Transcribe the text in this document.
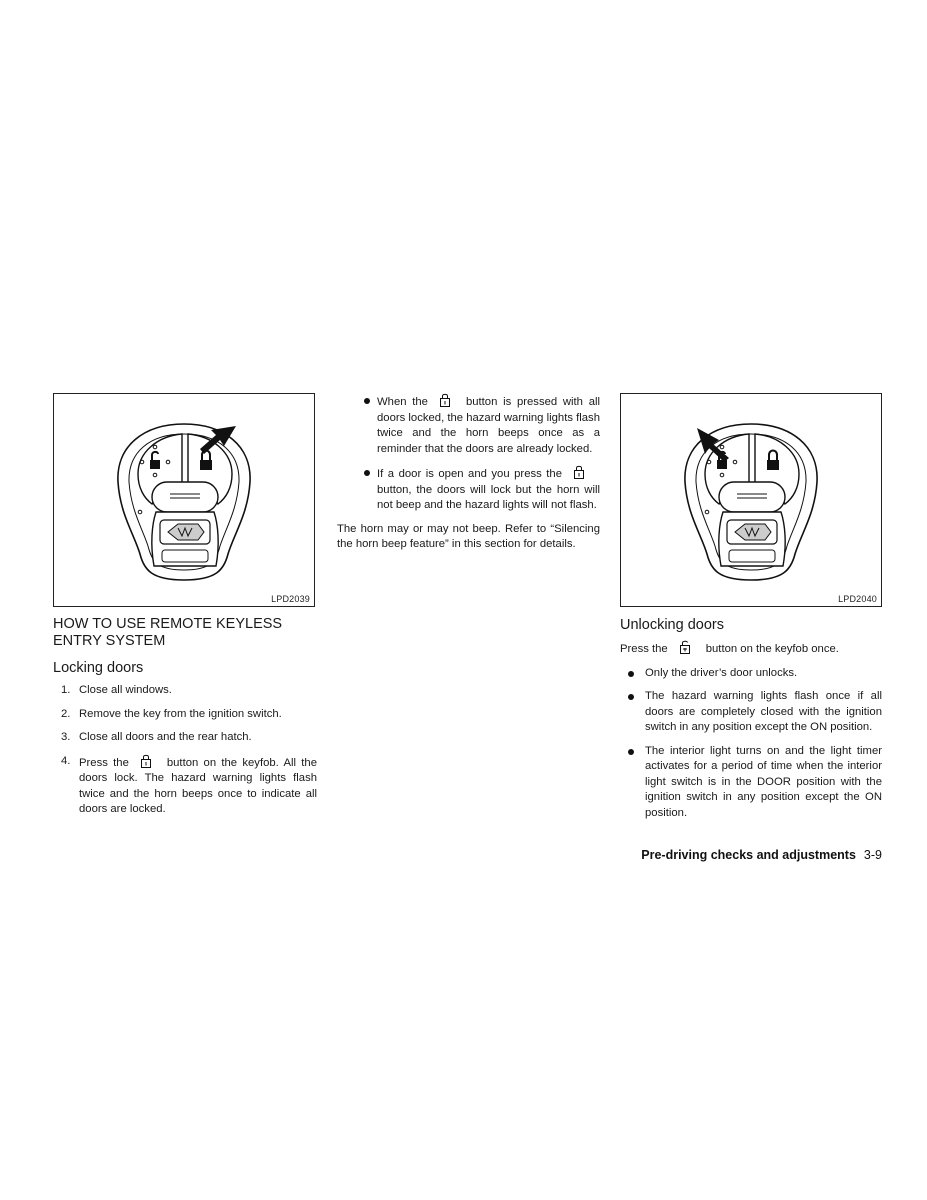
LPD2039
HOW TO USE REMOTE KEYLESS ENTRY SYSTEM
Locking doors
1. Close all windows.
2. Remove the key from the ignition switch.
3. Close all doors and the rear hatch.
4. Press the	button on the keyfob. All the doors lock. The hazard warning lights flash twice and the horn beeps once to indicate all doors are locked.
When the	button is pressed with all doors locked, the hazard warning lights flash twice and the horn beeps once as a reminder that the doors are already locked.
If a door is open and you press the
button, the doors will lock but the horn will not beep and the hazard lights will not flash.

The horn may or may not beep. Refer to “Silencing the horn beep feature” in this section for details.

LPD2040
Unlocking doors

Press the	button on the keyfob once.

Only the driver’s door unlocks.
The hazard warning lights flash once if all doors are completely closed with the ignition switch in any position except the ON position.
The interior light turns on and the light timer activates for a period of time when the interior light switch is in the DOOR position with the ignition switch in any position except the ON position.
Pre-driving checks and adjustments 3-9
